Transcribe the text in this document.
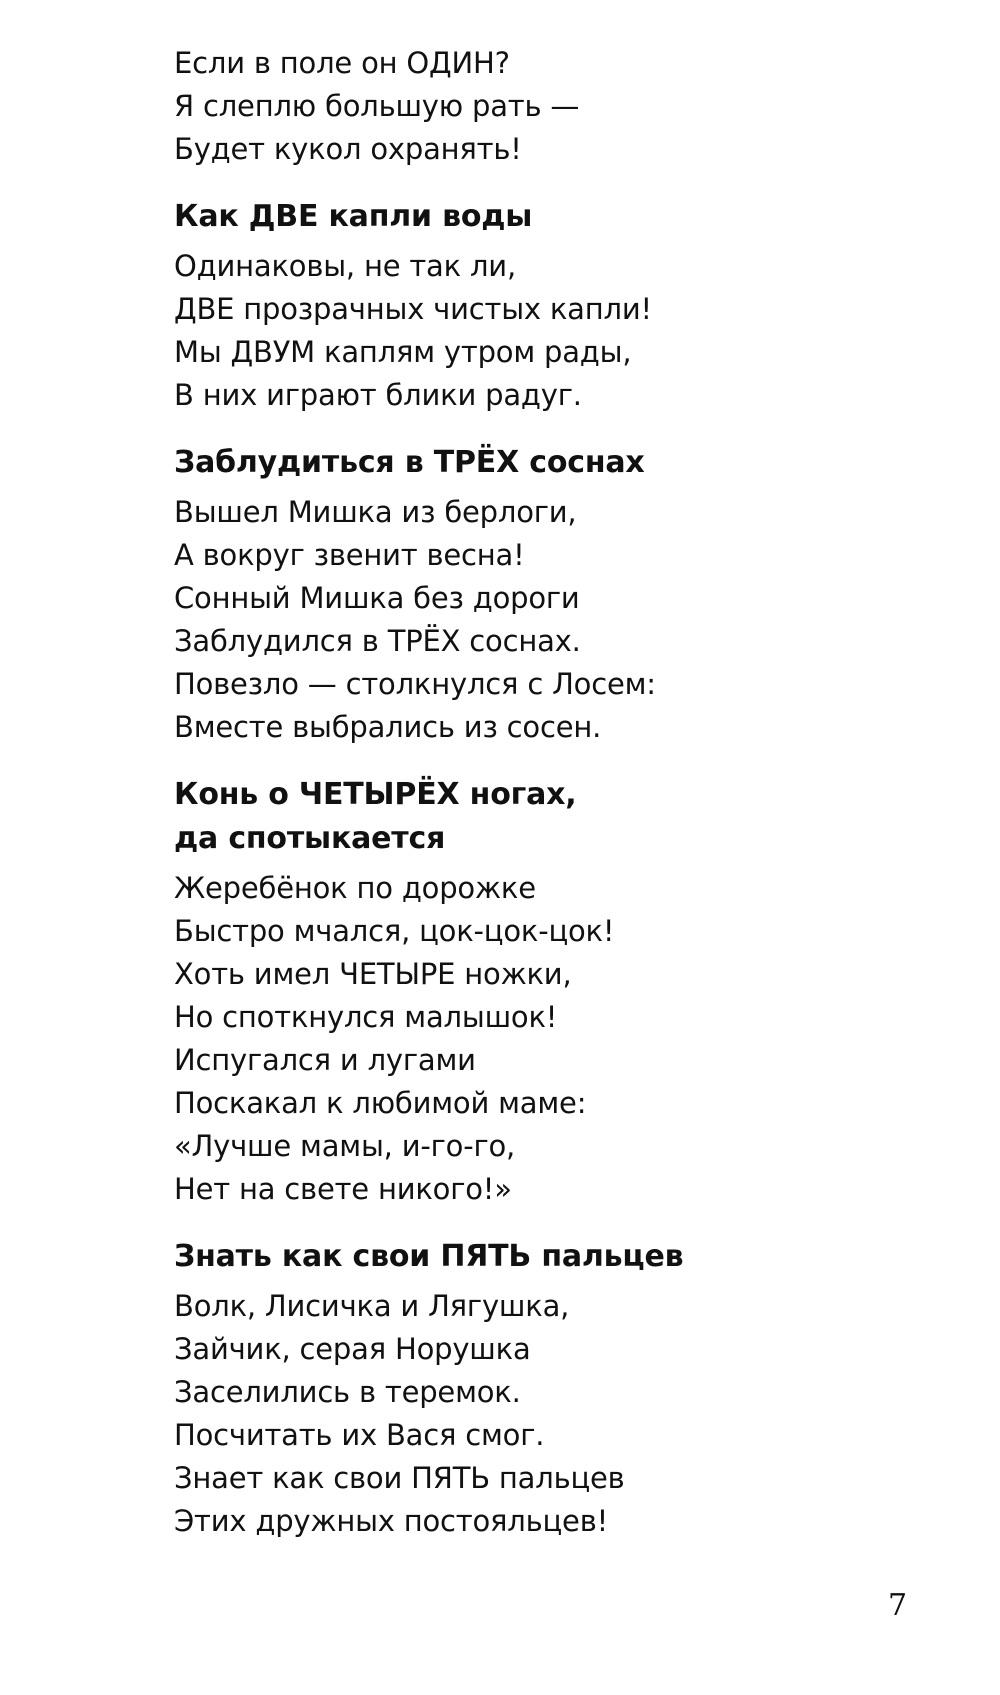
Если в поле он ОДИН?
Я слеплю большую рать —
Будет кукол охранять!
Как ДВЕ капли воды
Одинаковы, не так ли,
ДВЕ прозрачных чистых капли!
Мы ДВУМ каплям утром рады,
В них играют блики радуг.
Заблудиться в ТРЁХ соснах
Вышел Мишка из берлоги,
А вокруг звенит весна!
Сонный Мишка без дороги
Заблудился в ТРЁХ соснах.
Повезло — столкнулся с Лосем:
Вместе выбрались из сосен.
Конь о ЧЕТЫРЁХ ногах,
да спотыкается
Жеребёнок по дорожке
Быстро мчался, цок-цок-цок!
Хоть имел ЧЕТЫРЕ ножки,
Но споткнулся малышок!
Испугался и лугами
Поскакал к любимой маме:
«Лучше мамы, и-го-го,
Нет на свете никого!»
Знать как свои ПЯТЬ пальцев
Волк, Лисичка и Лягушка,
Зайчик, серая Норушка
Заселились в теремок.
Посчитать их Вася смог.
Знает как свои ПЯТЬ пальцев
Этих дружных постояльцев!
7
